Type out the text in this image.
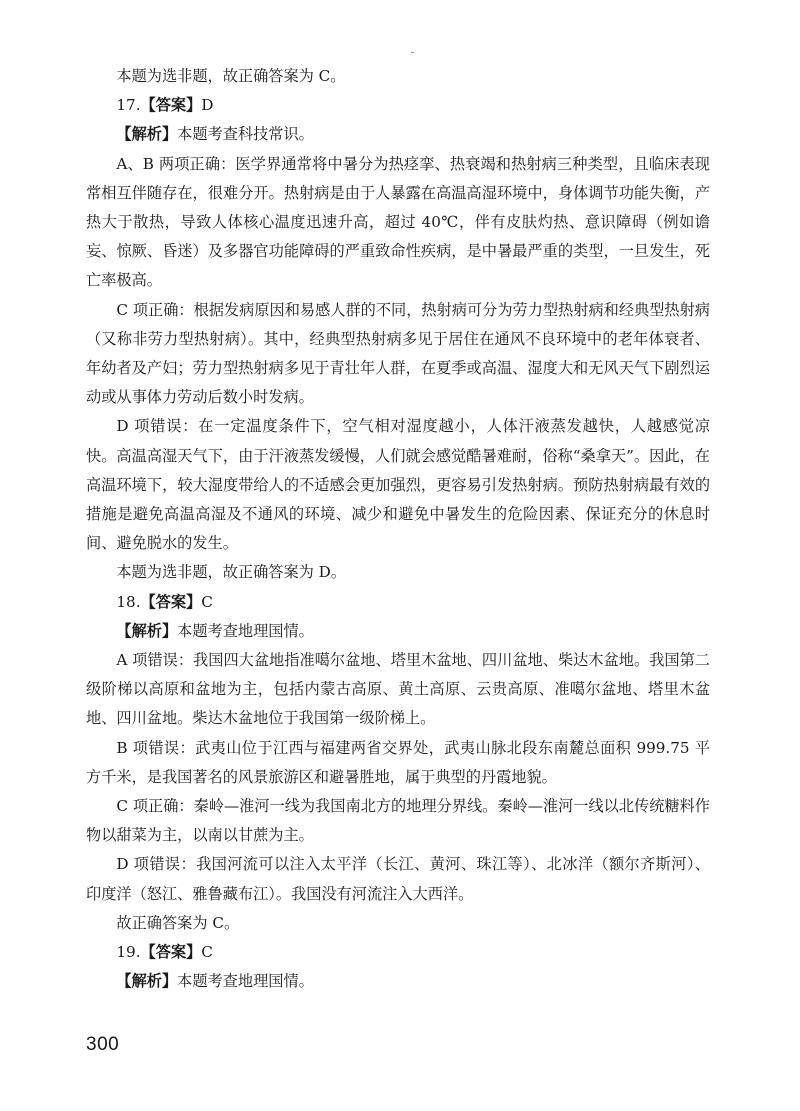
本题为选非题，故正确答案为 C。

17.【答案】D

【解析】本题考查科技常识。

A、B 两项正确：医学界通常将中暑分为热痉挛、热衰竭和热射病三种类型，且临床表现常相互伴随存在，很难分开。热射病是由于人暴露在高温高湿环境中，身体调节功能失衡，产热大于散热，导致人体核心温度迅速升高，超过 40℃，伴有皮肤灼热、意识障碍（例如谵妄、惊厥、昏迷）及多器官功能障碍的严重致命性疾病，是中暑最严重的类型，一旦发生，死亡率极高。

C 项正确：根据发病原因和易感人群的不同，热射病可分为劳力型热射病和经典型热射病（又称非劳力型热射病）。其中，经典型热射病多见于居住在通风不良环境中的老年体衰者、年幼者及产妇；劳力型热射病多见于青壮年人群，在夏季或高温、湿度大和无风天气下剧烈运动或从事体力劳动后数小时发病。

D 项错误：在一定温度条件下，空气相对湿度越小，人体汗液蒸发越快，人越感觉凉快。高温高湿天气下，由于汗液蒸发缓慢，人们就会感觉酷暑难耐，俗称“桑拿天”。因此，在高温环境下，较大湿度带给人的不适感会更加强烈，更容易引发热射病。预防热射病最有效的措施是避免高温高湿及不通风的环境、减少和避免中暑发生的危险因素、保证充分的休息时间、避免脱水的发生。

本题为选非题，故正确答案为 D。

18.【答案】C

【解析】本题考查地理国情。

A 项错误：我国四大盆地指准噶尔盆地、塔里木盆地、四川盆地、柴达木盆地。我国第二级阶梯以高原和盆地为主，包括内蒙古高原、黄土高原、云贵高原、准噶尔盆地、塔里木盆地、四川盆地。柴达木盆地位于我国第一级阶梯上。

B 项错误：武夷山位于江西与福建两省交界处，武夷山脉北段东南麓总面积 999.75 平方千米，是我国著名的风景旅游区和避暑胜地，属于典型的丹霞地貌。

C 项正确：秦岭—淮河一线为我国南北方的地理分界线。秦岭—淮河一线以北传统糖料作物以甜菜为主，以南以甘蔗为主。

D 项错误：我国河流可以注入太平洋（长江、黄河、珠江等）、北冰洋（额尔齐斯河）、印度洋（怒江、雅鲁藏布江）。我国没有河流注入大西洋。

故正确答案为 C。

19.【答案】C

【解析】本题考查地理国情。

300
